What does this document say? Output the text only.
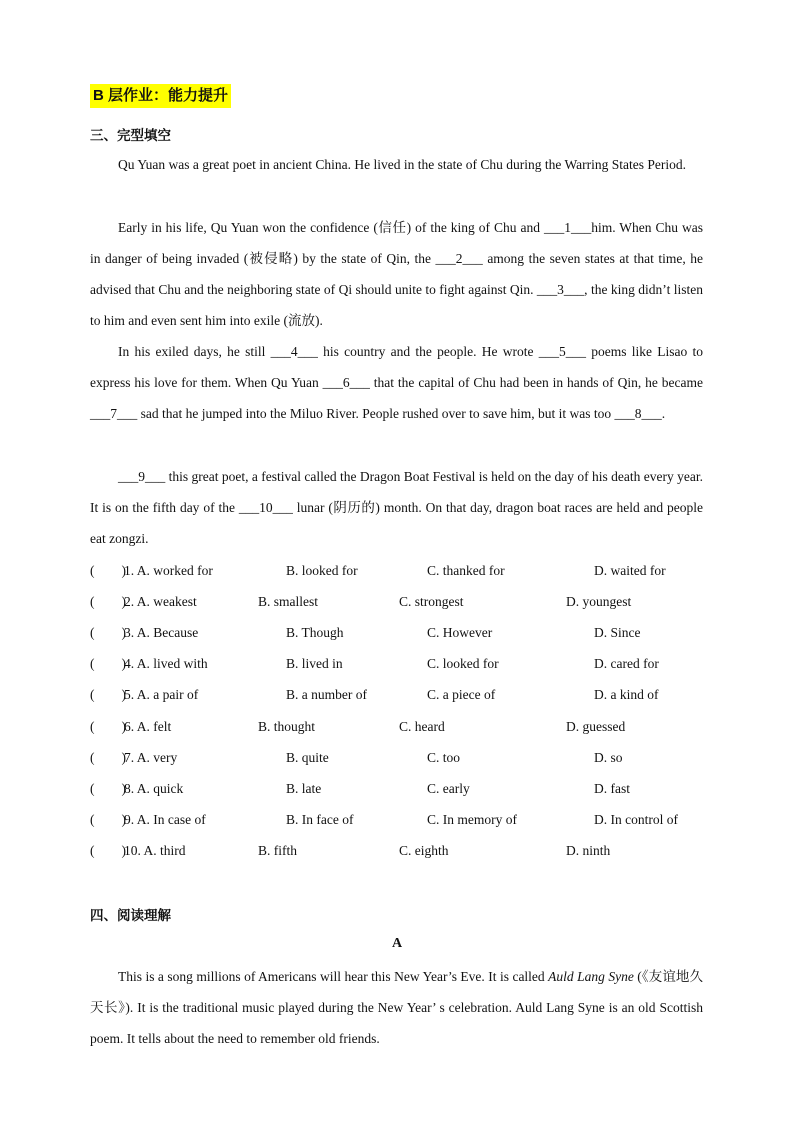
B 层作业：能力提升
三、完型填空

Qu Yuan was a great poet in ancient China. He lived in the state of Chu during the Warring States Period.

Early in his life, Qu Yuan won the confidence (信任) of the king of Chu and ___1___him. When Chu was in danger of being invaded (被侵略) by the state of Qin, the ___2___ among the seven states at that time, he advised that Chu and the neighboring state of Qi should unite to fight against Qin. ___3___, the king didn’t listen to him and even sent him into exile (流放).

In his exiled days, he still ___4___ his country and the people. He wrote ___5___ poems like Lisao to express his love for them. When Qu Yuan ___6___ that the capital of Chu had been in hands of Qin, he became ___7___ sad that he jumped into the Miluo River. People rushed over to save him, but it was too ___8___.

___9___ this great poet, a festival called the Dragon Boat Festival is held on the day of his death every year. It is on the fifth day of the ___10___ lunar (阴历的) month. On that day, dragon boat races are held and people eat zongzi.

(        )
1. A. worked for	B. looked for	C. thanked for	D. waited for
(        )
2. A. weakest	B. smallest	C. strongest	D. youngest
(        )
3. A. Because	B. Though	C. However	D. Since
(        )
4. A. lived with	B. lived in	C. looked for	D. cared for
(        )
5. A. a pair of	B. a number of	C. a piece of	D. a kind of
(        )
6. A. felt	B. thought	C. heard	D. guessed
(        )
7. A. very	B. quite	C. too	D. so
(        )
8. A. quick	B. late	C. early	D. fast
(        )
9. A. In case of	B. In face of	C. In memory of	D. In control of
(        )
10. A. third	B. fifth	C. eighth	D. ninth
四、阅读理解
A

This is a song millions of Americans will hear this New Year’s Eve. It is called Auld Lang Syne (《友谊地久天长》). It is the traditional music played during the New Year’ s celebration. Auld Lang Syne is an old Scottish poem. It tells about the need to remember old friends.
